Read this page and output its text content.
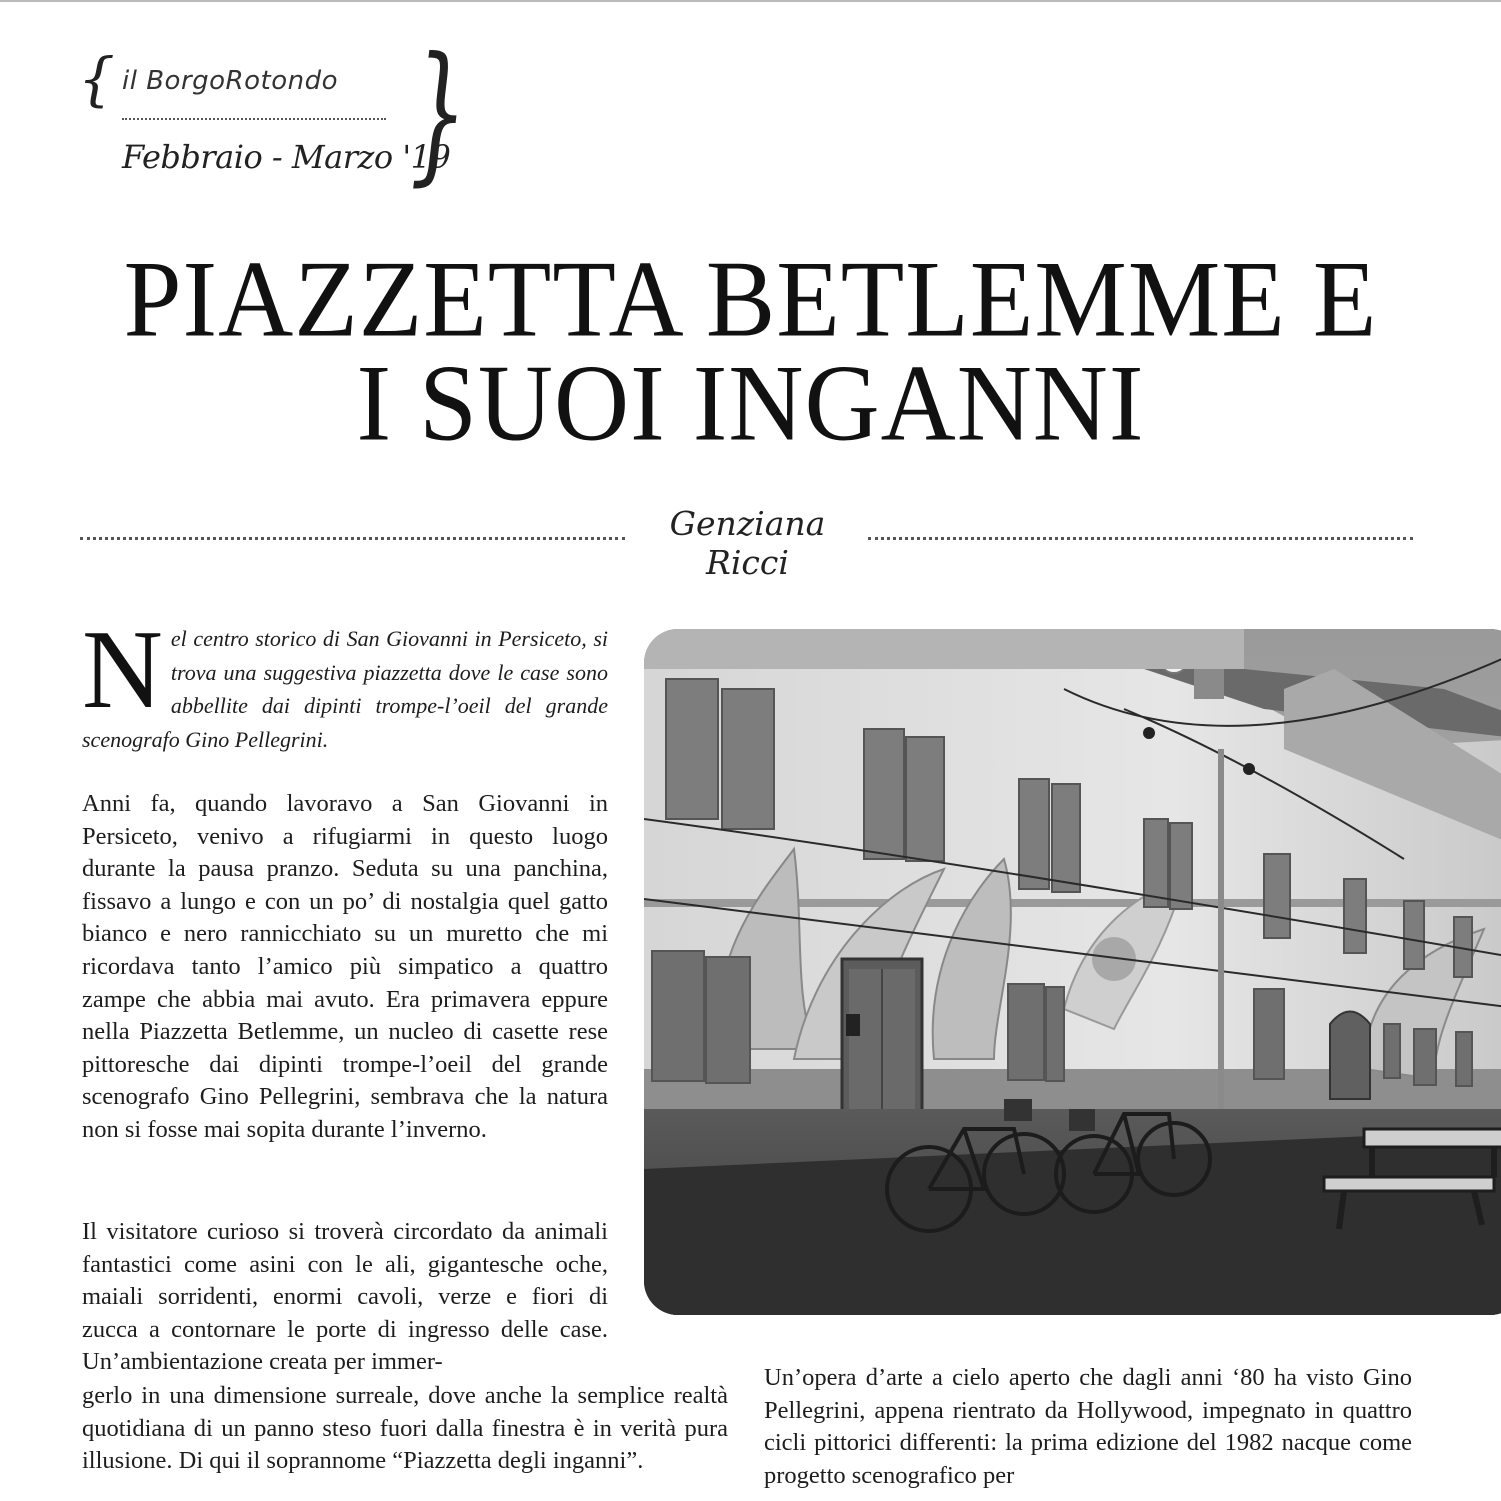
{ il BorgoRotondo
Febbraio - Marzo '19
}
PIAZZETTA BETLEMME E
I SUOI INGANNI
Genziana Ricci

Nel centro storico di San Giovanni in Persiceto, si trova una suggestiva piazzetta dove le case sono abbellite dai dipinti trompe-l’oeil del grande scenografo Gino Pellegrini.

Anni fa, quando lavoravo a San Giovanni in Persiceto, venivo a rifugiarmi in questo luogo durante la pausa pranzo. Seduta su una panchina, fissavo a lungo e con un po’ di nostalgia quel gatto bianco e nero rannicchiato su un muretto che mi ricordava tanto l’amico più simpatico a quattro zampe che abbia mai avuto. Era primavera eppure nella Piazzetta Betlemme, un nucleo di casette rese pittoresche dai dipinti trompe-l’oeil del grande scenografo Gino Pellegrini, sembrava che la natura non si fosse mai sopita durante l’inverno.

Il visitatore curioso si troverà circordato da animali fantastici come asini con le ali, gigantesche oche, maiali sorridenti, enormi cavoli, verze e fiori di zucca a contornare le porte di ingresso delle case. Un’ambientazione creata per immer-

gerlo in una dimensione surreale, dove anche la semplice realtà quotidiana di un panno steso fuori dalla finestra è in verità pura illusione. Di qui il soprannome “Piazzetta degli inganni”.

Un’opera d’arte a cielo aperto che dagli anni ‘80 ha visto Gino Pellegrini, appena rientrato da Hollywood, impegnato in quattro cicli pittorici differenti: la prima edizione del 1982 nacque come progetto scenografico per
